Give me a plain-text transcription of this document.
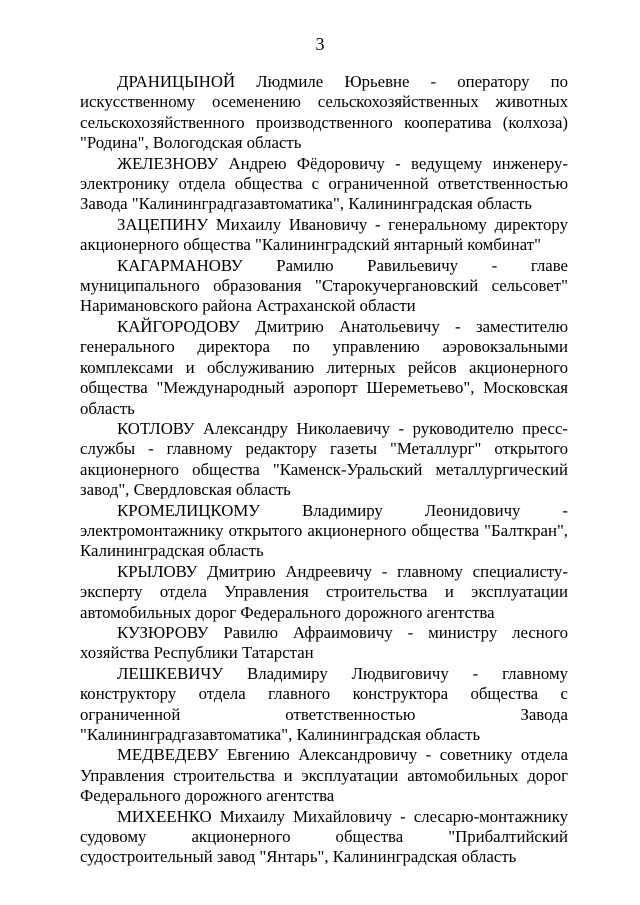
3

ДРАНИЦЫНОЙ Людмиле Юрьевне - оператору по искусственному осеменению сельскохозяйственных животных сельскохозяйственного производственного кооператива (колхоза) "Родина", Вологодская область

ЖЕЛЕЗНОВУ Андрею Фёдоровичу - ведущему инженеру-электронику отдела общества с ограниченной ответственностью Завода "Калининградгазавтоматика", Калининградская область

ЗАЦЕПИНУ Михаилу Ивановичу - генеральному директору акционерного общества "Калининградский янтарный комбинат"

КАГАРМАНОВУ Рамилю Равильевичу - главе муниципального образования "Старокучергановский сельсовет" Наримановского района Астраханской области

КАЙГОРОДОВУ Дмитрию Анатольевичу - заместителю генерального директора по управлению аэровокзальными комплексами и обслуживанию литерных рейсов акционерного общества "Международный аэропорт Шереметьево", Московская область

КОТЛОВУ Александру Николаевичу - руководителю пресс-службы - главному редактору газеты "Металлург" открытого акционерного общества "Каменск-Уральский металлургический завод", Свердловская область

КРОМЕЛИЦКОМУ Владимиру Леонидовичу - электромонтажнику открытого акционерного общества "Балткран", Калининградская область

КРЫЛОВУ Дмитрию Андреевичу - главному специалисту-эксперту отдела Управления строительства и эксплуатации автомобильных дорог Федерального дорожного агентства

КУЗЮРОВУ Равилю Афраимовичу - министру лесного хозяйства Республики Татарстан

ЛЕШКЕВИЧУ Владимиру Людвиговичу - главному конструктору отдела главного конструктора общества с ограниченной ответственностью Завода "Калининградгазавтоматика", Калининградская область

МЕДВЕДЕВУ Евгению Александровичу - советнику отдела Управления строительства и эксплуатации автомобильных дорог Федерального дорожного агентства

МИХЕЕНКО Михаилу Михайловичу - слесарю-монтажнику судовому акционерного общества "Прибалтийский судостроительный завод "Янтарь", Калининградская область
